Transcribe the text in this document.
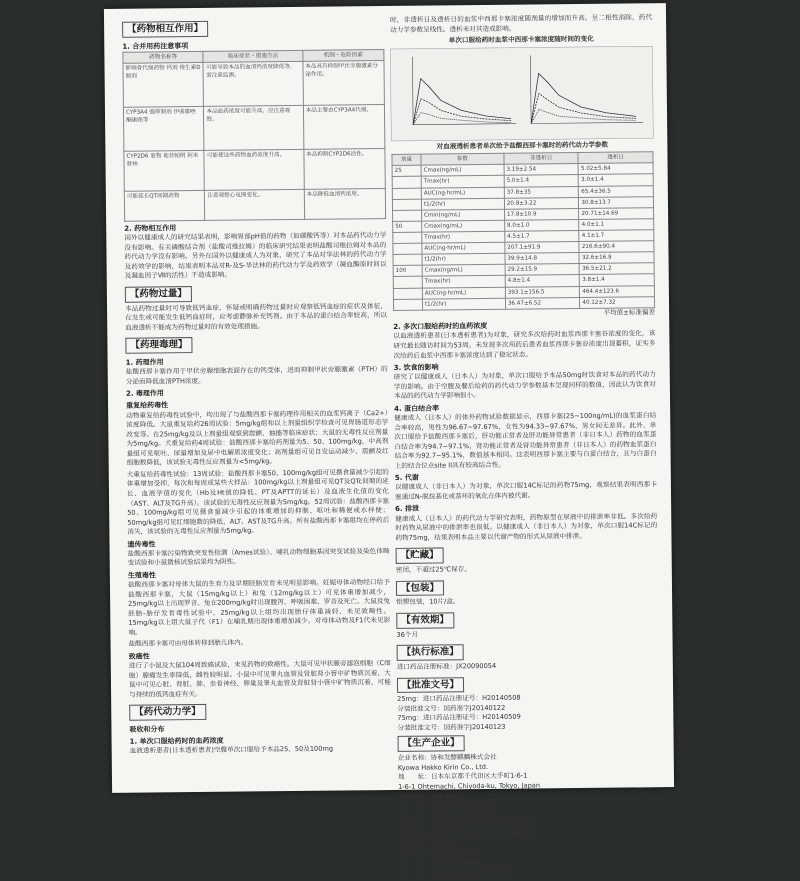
【药物相互作用】
1. 合并用药注意事项
药物名称等	临床症状・措施方法	机制・危险因素
影响骨代谢药物 钙剂 维生素D制剂	可能导致本品的血清钙浓度降低等，需注意监测。	本品具有抑制甲状旁腺激素分泌作用。
CYP3A4 强抑制剂 伊曲康唑 酮康唑等	本品血药浓度可能升高，应注意观察。	本品主要由CYP3A4代谢。
CYP2D6 底物 地昔帕明 阿米替林	可能使这些药物血药浓度升高。	本品抑制CYP2D6活性。
可能延长QT间期药物	注意观察心电图变化。	本品降低血清钙浓度。
2. 药物相互作用
国外以健康成人的研究结果表明，影响胃部pH值的药物（如碳酸钙等）对本品药代动力学没有影响。有关磷酸结合剂（盐酸司维拉姆）的临床研究结果表明盐酸司维拉姆对本品的药代动力学没有影响。另外在国外以健康成人为对象，研究了本品对华法林的药代动力学及药效学的影响，结果表明本品对R-及S-华法林的药代动力学及药效学（凝血酶原时间以及凝血因子Ⅶ的活性）不造成影响。
【药物过量】
本品药物过量时可导致低钙血症，怀疑或明确药物过量时应观察低钙血症的症状及体征，在发生或可能发生低钙血症时，应考虑静脉补充钙剂。由于本品的蛋白结合率较高，所以血液透析不能成为药物过量时的有效处理措施。
【药理毒理】
1. 药理作用
盐酸西那卡塞作用于甲状旁腺细胞表面存在的钙受体，进而抑制甲状旁腺激素（PTH）的分泌而降低血清PTH浓度。
2. 毒理作用
重复给药毒性
动物重复给药毒性试验中，均出现了与盐酸西那卡塞药理作用相关的血浆钙离子（Ca2+）浓度降低。大鼠重复给药26周试验：5mg/kg组和以上剂量组织学检查可见胃肠道形态学改变等。在25mg/kg及以上剂量组观察到震颤、抽搐等临床症状；大鼠的无毒性反应剂量为5mg/kg。犬重复给药4周试验：盐酸西那卡塞给药剂量为5、50、100mg/kg，中高剂量组可见呕吐、尿量增加及尿中电解质浓度变化；高剂量组可见自发运动减少、震颤及红细胞数降低，该试验无毒性反应剂量为<5mg/kg。
犬重复给药毒性试验：13周试验：盐酸西那卡塞50、100mg/kg组可见摄食量减少引起的体重增加受抑，每次和每周或某些犬样品：100mg/kg以上剂量组可见QT及QTc间期的延长、血液学值的变化（Hb及Ht值的降低、PT及APTT的延长）及血液生化值的变化（AST、ALT及TG升高）。该试验的无毒性反应剂量为5mg/kg。52周试验：盐酸西那卡塞50、100mg/kg组可见摄食量减少引起的体重增加的抑制、呕吐和稀便或水样便；50mg/kg组可见红细胞数的降低，ALT、AST及TG升高。所有盐酸西那卡塞组均在停药后消失，该试验的无毒性反应剂量为5mg/kg。
遗传毒性
盐酸西那卡塞污染物致突变性检测（Ames试验）、哺乳动物细胞基因突变试验及染色体畸变试验和小鼠微核试验结果均为阴性。
生殖毒性
盐酸西那卡塞对母体大鼠的生育力及早期胚胎发育未见明显影响。妊娠母体动物经口给予盐酸西那卡塞，大鼠（15mg/kg以上）和兔（12mg/kg以上）可见体重增加减少，25mg/kg以上出现罗音、兔在200mg/kg时出现腹泻、呼吸困难、罗音及死亡。大鼠及兔胚胎-胎仔发育毒性试验中，25mg/kg以上组均出现胎仔体重减轻、未见致畸性。15mg/kg以上组大鼠子代（F1）在哺乳期出现体重增加减少。对母体动物及F1代未见影响。
盐酸西那卡塞可由母体转移到胎儿体内。
致癌性
进行了小鼠及大鼠104周致癌试验，未见药物的致癌性。大鼠可见甲状腺旁滤泡细胞（C细胞）腺瘤发生率降低，雌性较明显。小鼠中可见睾丸血管及肾脏肾小管中矿物质沉着，大鼠中可见心脏、肾脏、肺、坐骨神经、卵巢及睾丸血管及肾脏肾小管中矿物质沉着，可能与持续的低钙血症有关。
【药代动力学】
吸收和分布
1. 单次口服给药时的血药浓度
血液透析患者(日本透析患者)空腹单次口服给予本品25、50及100mg
时，非透析日及透析日的血浆中西那卡塞浓度随剂量的增加而升高，呈二相性消除，药代动力学参数呈线性。透析未对其造成影响。
单次口服给药时血浆中西那卡塞浓度随时间的变化
对血液透析患者单次给予盐酸西那卡塞时的药代动力学参数
剂量	参数	非透析日	透析日
25	Cmax(ng/mL)	3.19±2.54	5.02±5.84
	Tmax(hr)	5.0±1.4	3.0±1.4
	AUC(ng·hr/mL)	37.8±35	65.4±36.5
	t1/2(hr)	20.8±3.22	30.8±13.7
	Cmin(ng/mL)	17.8±10.9	20.71±14.69
50	Cmax(ng/mL)	8.0±1.0	4.0±1.1
	Tmax(hr)	4.5±1.7	4.1±1.7
	AUC(ng·hr/mL)	207.1±91.9	216.6±90.4
	t1/2(hr)	39.9±14.8	32.6±16.9
100	Cmax(ng/mL)	29.2±15.9	36.5±21.2
	Tmax(hr)	4.8±1.4	3.8±1.4
	AUC(ng·hr/mL)	393.1±156.5	464.4±123.6
	t1/2(hr)	36.47±6.52	40.12±7.32
平均值±标准偏差
2. 多次口服给药时的血药浓度
以血液透析患者(日本透析患者)为对象，研究多次给药时血浆西那卡塞谷浓度的变化，该研究最长随访时间为53周。未发现多次用药后患者血浆西那卡塞谷浓度出现蓄积，证实多次给药后血浆中西那卡塞浓度达到了稳定状态。
3. 饮食的影响
研究了以健康成人（日本人）为对象，单次口服给予本品50mg时饮食对本品的药代动力学的影响。由于空腹及餐后给药的药代动力学参数基本呈现同样的数值，因此认为饮食对本品的药代动力学影响很小。
4. 蛋白结合率
健康成人（日本人）的体外药物试验数据显示，西那卡塞(25~100ng/mL)的血浆蛋白结合率较高，男性为96.67~97.67%，女性为94.33~97.67%，男女间无差异。此外，单次口服给予盐酸西那卡塞后，肝功能正常者及肝功能异常患者（非日本人）药物的血浆蛋白结合率为94.7~97.1%，肾功能正常者及肾功能异常患者（非日本人）的药物血浆蛋白结合率为92.7~95.1%，数值基本相同。这表明西那卡塞主要与白蛋白结合，且与白蛋白上的结合位点site II具有较高结合性。
5. 代谢
以健康成人（非日本人）为对象，单次口服14C标记的药物75mg，观察结果表明西那卡塞通过N-脱烷基化或萘环的氧化在体内被代谢。
6. 排泄
健康成人（日本人）的药代动力学研究表明，药物原型在尿液中的排泄率非低。多次给药时药物从尿液中的排泄率也很低。以健康成人（非日本人）为对象，单次口服14C标记的药物75mg，结果表明本品主要以代谢产物的形式从尿液中排泄。
【贮藏】
密闭，不超过25℃保存。
【包装】
铝塑包装，10片/盒。
【有效期】
36个月
【执行标准】
进口药品注册标准：JX20090054
【批准文号】
25mg：进口药品注册证号：H20140508
分装批准文号：国药准字J20140122
75mg：进口药品注册证号：H20140509
分装批准文号：国药准字J20140123
【生产企业】
企业名称：协和发酵麒麟株式会社
Kyowa Hakko Kirin Co., Ltd.
地　　址：日本东京都千代田区大手町1-6-1
1-6-1 Ohtemachi, Chiyoda-ku, Tokyo, Japan
邮政编码：100-8185
电　　话：0081-3-3282-0069
传　　真：0081-3-3282-0102
分装企业：协和发酵麒麟（中国）制药有限公司
分装企业地址：上海市浦东新区龙东大道970号
邮政编码：201203
联系电话：021-50800909
传　　真：021-50800026
网　　址：www.kyowa-kirin.com.cn
